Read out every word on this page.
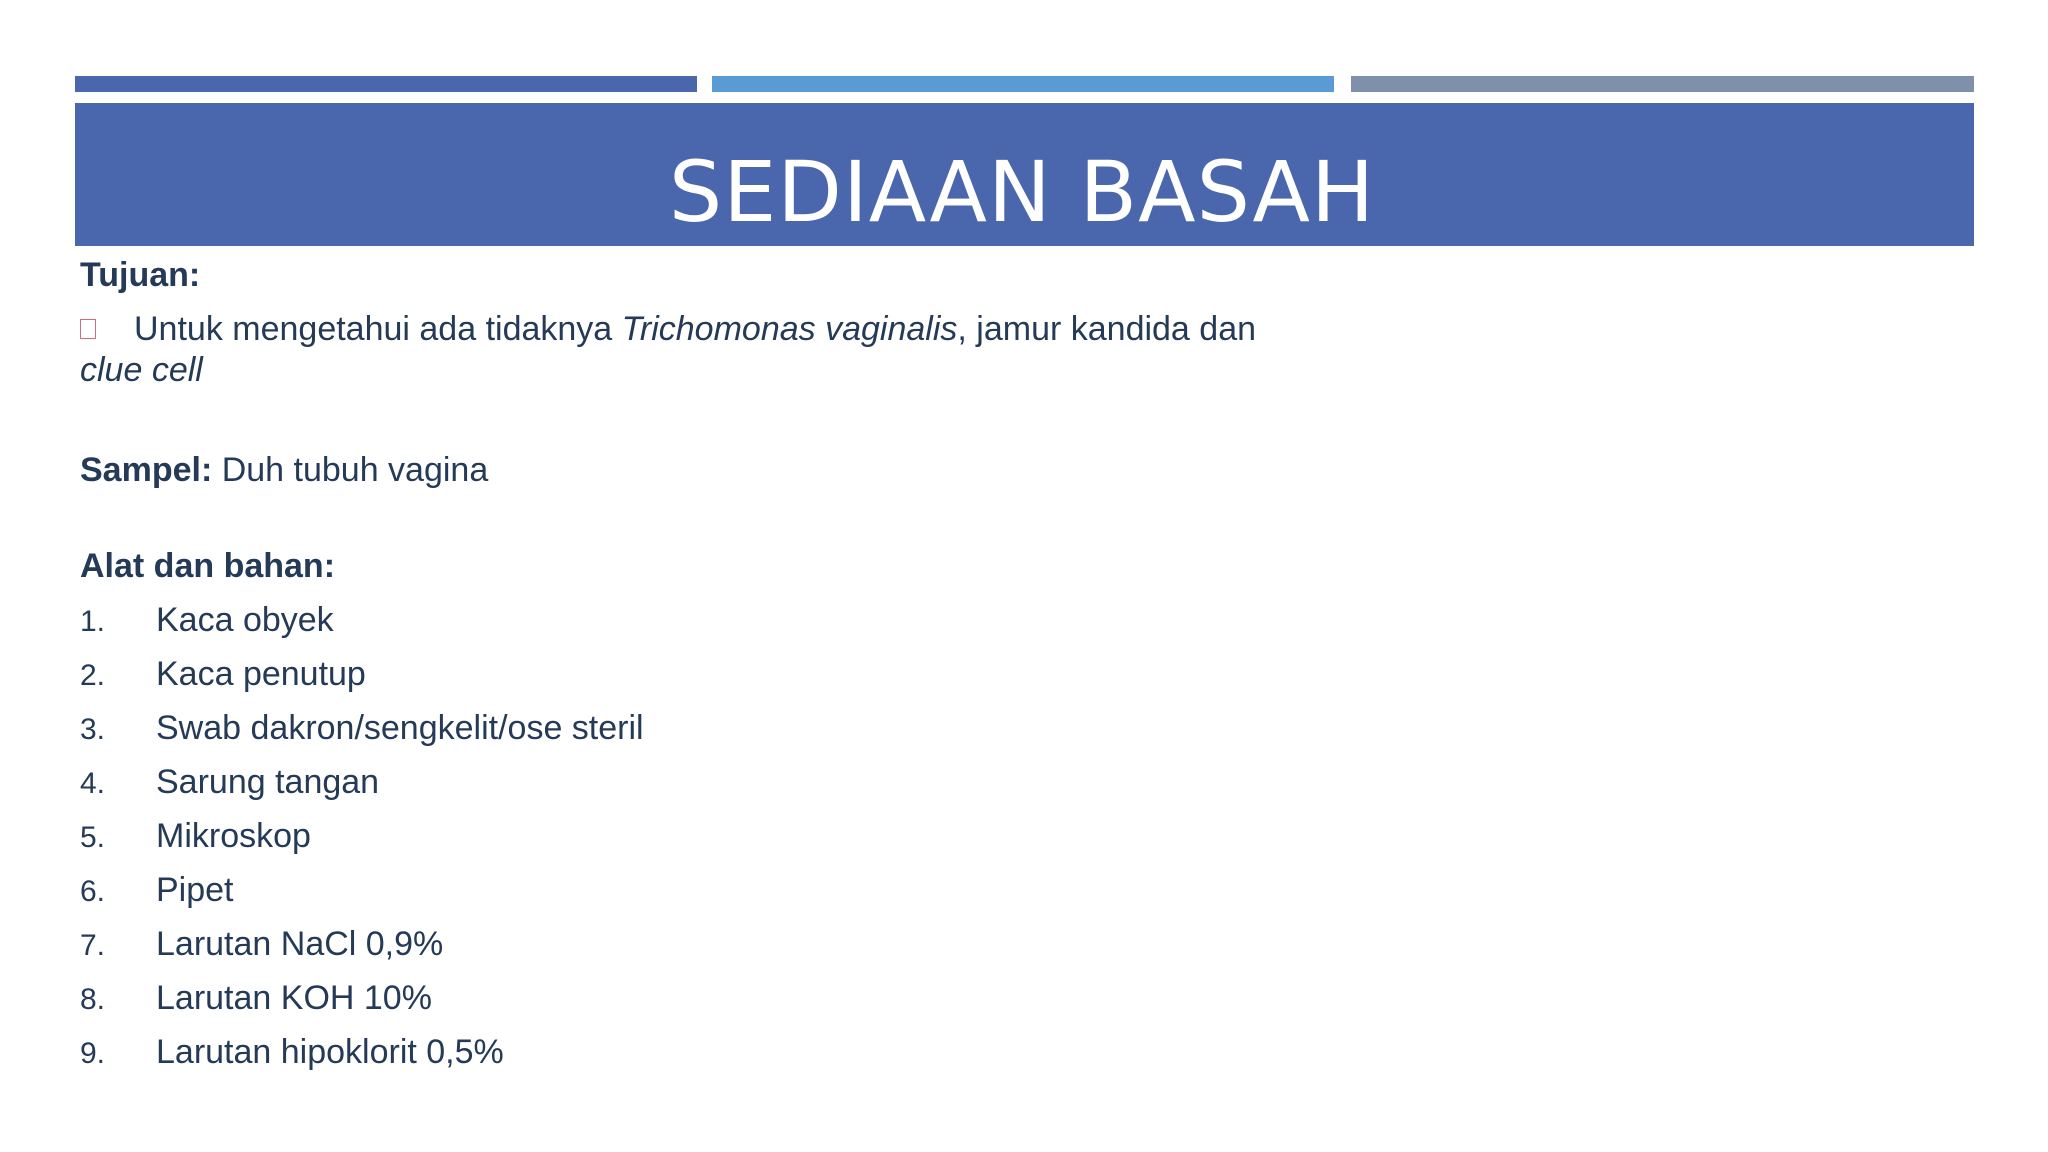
SEDIAAN BASAH
Tujuan:
Untuk mengetahui ada tidaknya Trichomonas vaginalis, jamur kandida dan
clue cell
Sampel: Duh tubuh vagina
Alat dan bahan:
1. Kaca obyek
2. Kaca penutup
3. Swab dakron/sengkelit/ose steril
4. Sarung tangan
5. Mikroskop
6. Pipet
7. Larutan NaCl 0,9%
8. Larutan KOH 10%
9. Larutan hipoklorit 0,5%
